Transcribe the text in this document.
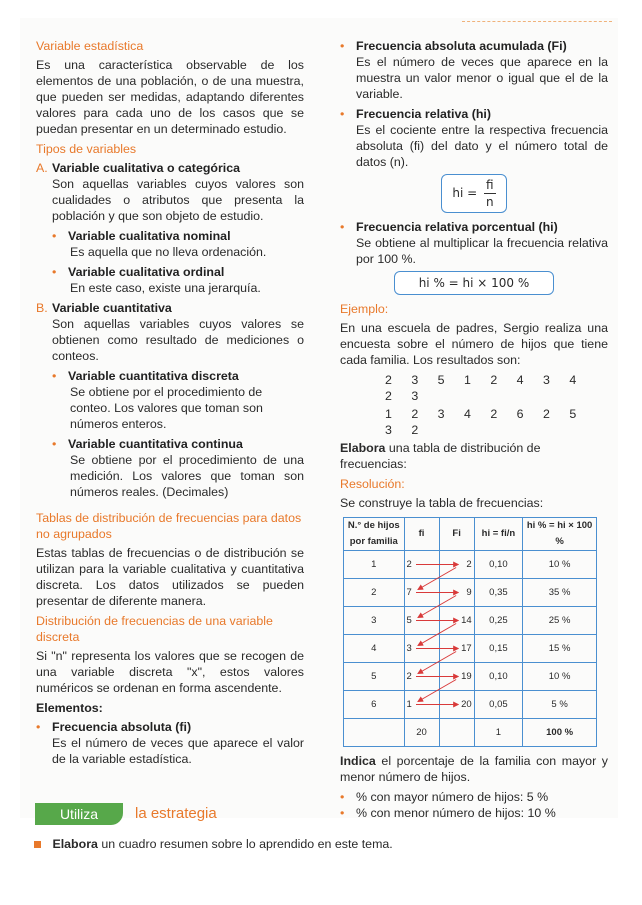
Variable estadística

Es una característica observable de los elementos de una población, o de una muestra, que pueden ser medidas, adaptando diferentes valores para cada uno de los casos que se puedan presentar en un determinado estudio.

Tipos de variables

A. Variable cualitativa o categórica

Son aquellas variables cuyos valores son cualidades o atributos que presenta la población y que son objeto de estudio.

• Variable cualitativa nominal

Es aquella que no lleva ordenación.

• Variable cualitativa ordinal

En este caso, existe una jerarquía.

B. Variable cuantitativa

Son aquellas variables cuyos valores se obtienen como resultado de mediciones o conteos.

• Variable cuantitativa discreta

Se obtiene por el procedimiento de conteo. Los valores que toman son números enteros.

• Variable cuantitativa continua

Se obtiene por el procedimiento de una medición. Los valores que toman son números reales. (Decimales)

Tablas de distribución de frecuencias para datos no agrupados

Estas tablas de frecuencias o de distribución se utilizan para la variable cualitativa y cuantitativa discreta. Los datos utilizados se pueden presentar de diferente manera.

Distribución de frecuencias de una variable discreta

Si "n" representa los valores que se recogen de una variable discreta "x", estos valores numéricos se ordenan en forma ascendente.

Elementos:

• Frecuencia absoluta (fi)

Es el número de veces que aparece el valor de la variable estadística.

• Frecuencia absoluta acumulada (Fi)

Es el número de veces que aparece en la muestra un valor menor o igual que el de la variable.

• Frecuencia relativa (hi)

Es el cociente entre la respectiva frecuencia absoluta (fi) del dato y el número total de datos (n).

hi = $\frac{fi}{n}$
• Frecuencia relativa porcentual (hi)

Se obtiene al multiplicar la frecuencia relativa por 100 %.

hi % = hi × 100 %

Ejemplo:

En una escuela de padres, Sergio realiza una encuesta sobre el número de hijos que tiene cada familia. Los resultados son:

2 3 5 1 2 4 3 4 2 3
1 2 3 4 2 6 2 5 3 2

Elabora una tabla de distribución de frecuencias:

Resolución:

Se construye la tabla de frecuencias:

N.° de hijos por familia	fi	Fi	hi = fi/n	hi % = hi × 100 %
1	2	2	0,10	10 %
2	7	9	0,35	35 %
3	5	14	0,25	25 %
4	3	17	0,15	15 %
5	2	19	0,10	10 %
6	1	20	0,05	5 %
	20		1	100 %

Indica el porcentaje de la familia con mayor y menor número de hijos.

• % con mayor número de hijos: 5 %
• % con menor número de hijos: 10 %
Utiliza	la estrategia
Elabora un cuadro resumen sobre lo aprendido en este tema.
